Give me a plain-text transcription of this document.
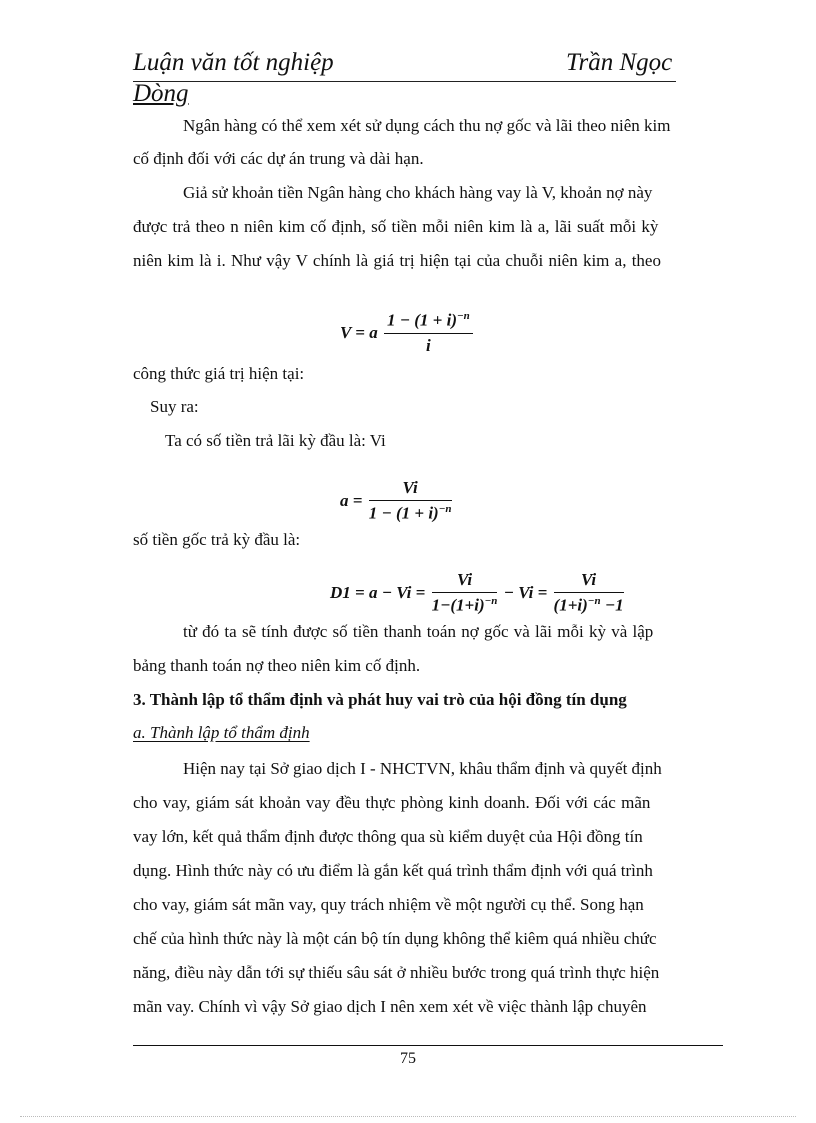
Luận văn tốt nghiệp	Trần Ngọc
Dòng
Ngân hàng có thể xem xét sử dụng cách thu nợ gốc và lãi theo niên kim
cố định đối với các dự án trung và dài hạn.
Giả sử khoản tiền Ngân hàng cho khách hàng vay là V, khoản nợ này
được trả theo n niên kim cố định, số tiền mỗi niên kim là a, lãi suất mỗi kỳ
niên kim là i. Như vậy V chính là giá trị hiện tại của chuỗi niên kim a, theo
V = a $\frac{1 - (1 + i)^{-n}}{i}$
công thức giá trị hiện tại:
Suy ra:
Ta có số tiền trả lãi kỳ đầu là: Vi
$a = \frac{Vi}{1 - (1 + i)^{-n}}$
số tiền gốc trả kỳ đầu là:
$D1 = a - Vi = \frac{Vi}{1-(1+i)^{-n}} - Vi = \frac{Vi}{(1+i)^{-n} -1}$
từ đó ta sẽ tính được số tiền thanh toán nợ gốc và lãi mỗi kỳ và lập
bảng thanh toán nợ theo niên kim cố định.
3. Thành lập tổ thẩm định và phát huy vai trò của hội đồng tín dụng
a. Thành lập tổ thẩm định
Hiện nay tại Sở giao dịch I - NHCTVN, khâu thẩm định và quyết định
cho vay, giám sát khoản vay đều thực phòng kinh doanh. Đối với các mãn
vay lớn, kết quả thẩm định được thông qua sù kiểm duyệt của Hội đồng tín
dụng. Hình thức này có ưu điểm là gắn kết quá trình thẩm định với quá trình
cho vay, giám sát mãn vay, quy trách nhiệm về một người cụ thể. Song hạn
chế của hình thức này là một cán bộ tín dụng không thể kiêm quá nhiều chức
năng, điều này dẫn tới sự thiếu sâu sát ở nhiều bước trong quá trình thực hiện
mãn vay. Chính vì vậy Sở giao dịch I nên xem xét về việc thành lập chuyên
75
